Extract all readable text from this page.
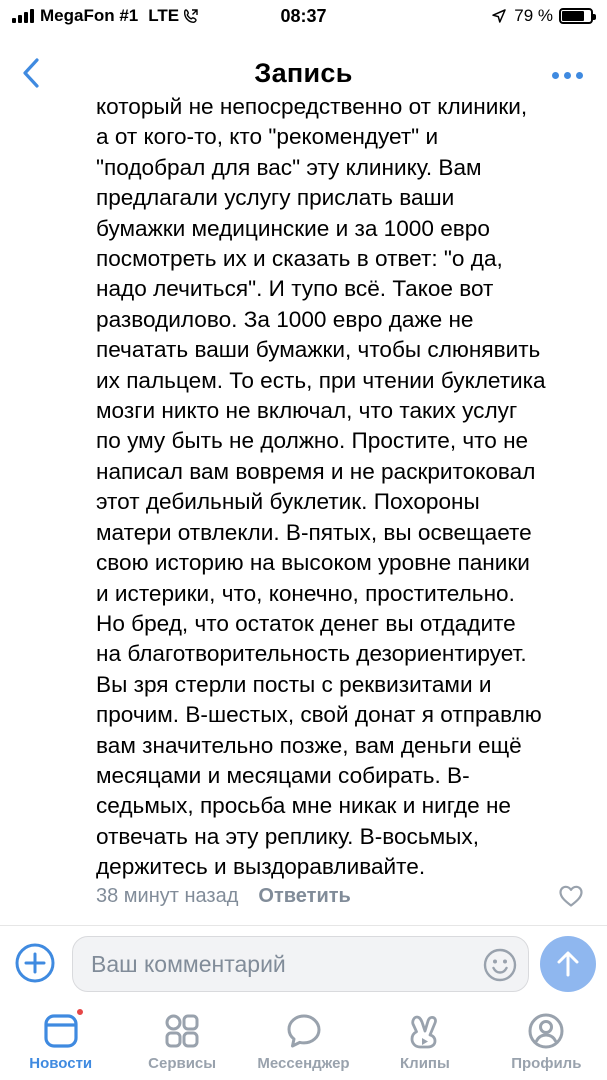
MegaFon #1 LTE	08:37	79 %
Запись
который не непосредственно от клиники,
а от кого-то, кто "рекомендует" и
"подобрал для вас" эту клинику. Вам
предлагали услугу прислать ваши
бумажки медицинские и за 1000 евро
посмотреть их и сказать в ответ: "о да,
надо лечиться". И тупо всё. Такое вот
разводилово. За 1000 евро даже не
печатать ваши бумажки, чтобы слюнявить
их пальцем. То есть, при чтении буклетика
мозги никто не включал, что таких услуг
по уму быть не должно. Простите, что не
написал вам вовремя и не раскритоковал
этот дебильный буклетик. Похороны
матери отвлекли. В-пятых, вы освещаете
свою историю на высоком уровне паники
и истерики, что, конечно, простительно.
Но бред, что остаток денег вы отдадите
на благотворительность дезориентирует.
Вы зря стерли посты с реквизитами и
прочим. В-шестых, свой донат я отправлю
вам значительно позже, вам деньги ещё
месяцами и месяцами собирать. В-
седьмых, просьба мне никак и нигде не
отвечать на эту реплику. В-восьмых,
держитесь и выздоравливайте.
38 минут назад Ответить
Ваш комментарий
Новости	Сервисы	Мессенджер	Клипы	Профиль
